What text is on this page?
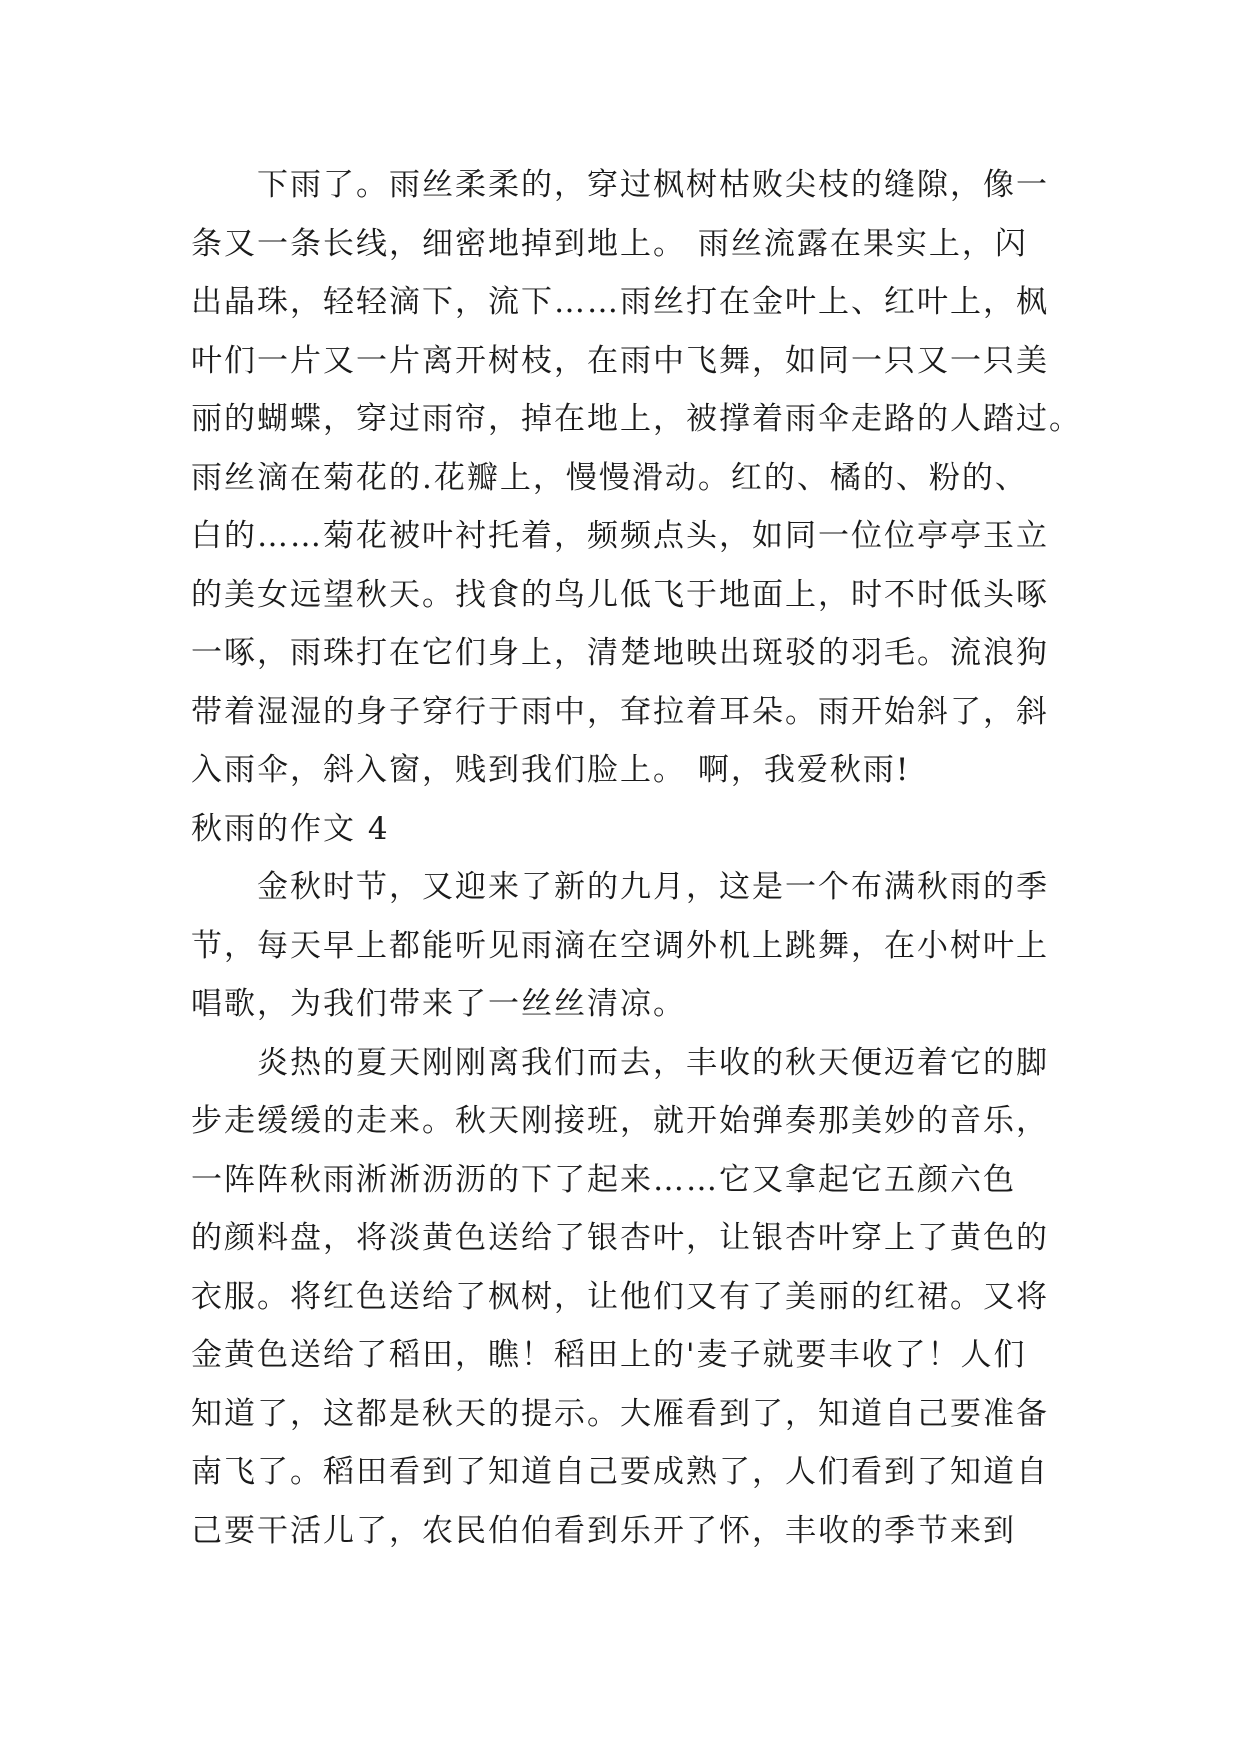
下雨了。雨丝柔柔的，穿过枫树枯败尖枝的缝隙，像一
条又一条长线，细密地掉到地上。 雨丝流露在果实上，闪
出晶珠，轻轻滴下，流下……雨丝打在金叶上、红叶上，枫
叶们一片又一片离开树枝，在雨中飞舞，如同一只又一只美
丽的蝴蝶，穿过雨帘，掉在地上，被撑着雨伞走路的人踏过。
雨丝滴在菊花的.花瓣上，慢慢滑动。红的、橘的、粉的、
白的……菊花被叶衬托着，频频点头，如同一位位亭亭玉立
的美女远望秋天。找食的鸟儿低飞于地面上，时不时低头啄
一啄，雨珠打在它们身上，清楚地映出斑驳的羽毛。流浪狗
带着湿湿的身子穿行于雨中，耷拉着耳朵。雨开始斜了，斜
入雨伞，斜入窗，贱到我们脸上。 啊，我爱秋雨!
秋雨的作文 4
金秋时节，又迎来了新的九月，这是一个布满秋雨的季
节，每天早上都能听见雨滴在空调外机上跳舞，在小树叶上
唱歌，为我们带来了一丝丝清凉。
炎热的夏天刚刚离我们而去，丰收的秋天便迈着它的脚
步走缓缓的走来。秋天刚接班，就开始弹奏那美妙的音乐，
一阵阵秋雨淅淅沥沥的下了起来……它又拿起它五颜六色
的颜料盘，将淡黄色送给了银杏叶，让银杏叶穿上了黄色的
衣服。将红色送给了枫树，让他们又有了美丽的红裙。又将
金黄色送给了稻田，瞧！稻田上的'麦子就要丰收了！人们
知道了，这都是秋天的提示。大雁看到了，知道自己要准备
南飞了。稻田看到了知道自己要成熟了，人们看到了知道自
己要干活儿了，农民伯伯看到乐开了怀，丰收的季节来到
